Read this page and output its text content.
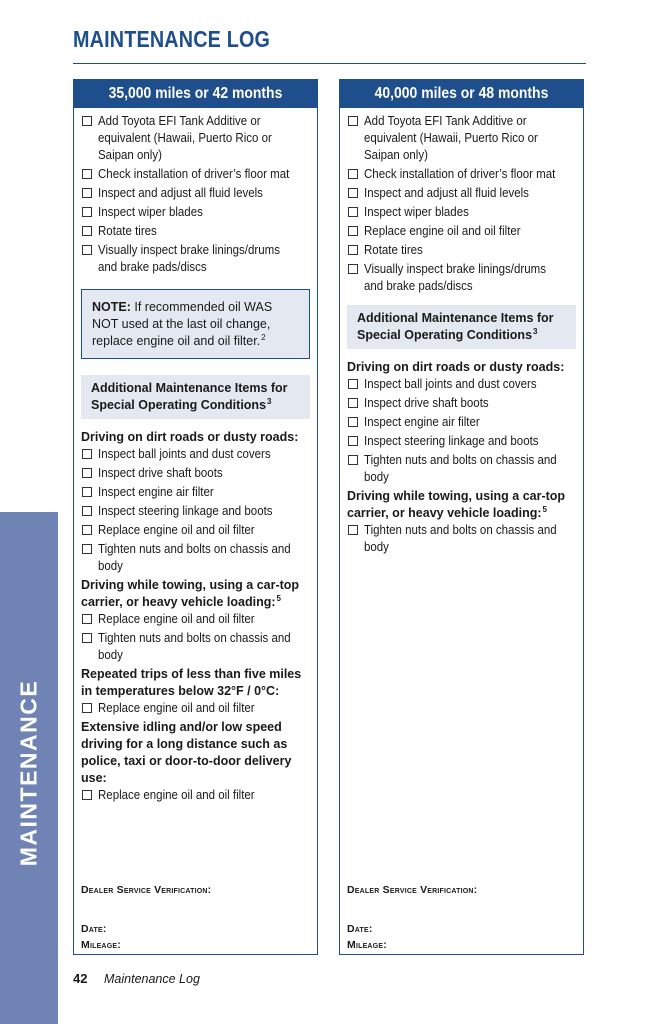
MAINTENANCE LOG
MAINTENANCE
35,000 miles or 42 months
Add Toyota EFI Tank Additive or equivalent (Hawaii, Puerto Rico or Saipan only)
Check installation of driver’s floor mat
Inspect and adjust all fluid levels
Inspect wiper blades
Rotate tires
Visually inspect brake linings/drums and brake pads/discs
NOTE: If recommended oil WAS NOT used at the last oil change, replace engine oil and oil filter.$^2$
Additional Maintenance Items for Special Operating Conditions$^3$
Driving on dirt roads or dusty roads:
Inspect ball joints and dust covers
Inspect drive shaft boots
Inspect engine air filter
Inspect steering linkage and boots
Replace engine oil and oil filter
Tighten nuts and bolts on chassis and body
Driving while towing, using a car-top carrier, or heavy vehicle loading:$^5$
Replace engine oil and oil filter
Tighten nuts and bolts on chassis and body
Repeated trips of less than five miles in temperatures below 32°F / 0°C:
Replace engine oil and oil filter
Extensive idling and/or low speed driving for a long distance such as police, taxi or door-to-door delivery use:
Replace engine oil and oil filter
Dealer Service Verification:
Date:
Mileage:
40,000 miles or 48 months
Add Toyota EFI Tank Additive or equivalent (Hawaii, Puerto Rico or Saipan only)
Check installation of driver’s floor mat
Inspect and adjust all fluid levels
Inspect wiper blades
Replace engine oil and oil filter
Rotate tires
Visually inspect brake linings/drums and brake pads/discs
Additional Maintenance Items for Special Operating Conditions$^3$
Driving on dirt roads or dusty roads:
Inspect ball joints and dust covers
Inspect drive shaft boots
Inspect engine air filter
Inspect steering linkage and boots
Tighten nuts and bolts on chassis and body
Driving while towing, using a car-top carrier, or heavy vehicle loading:$^5$
Tighten nuts and bolts on chassis and body
Dealer Service Verification:
Date:
Mileage:
42 Maintenance Log
